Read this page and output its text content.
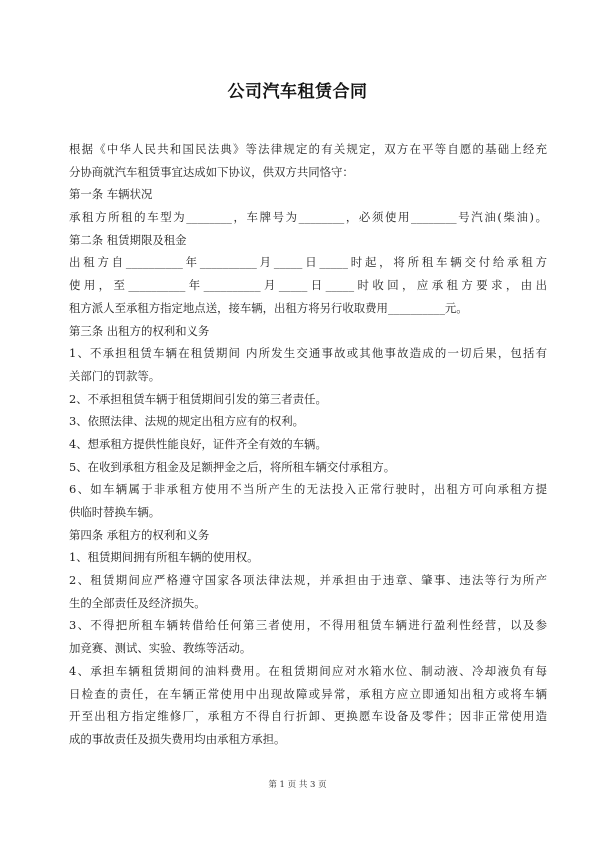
公司汽车租赁合同
根据《中华人民共和国民法典》等法律规定的有关规定，双方在平等自愿的基础上经充
分协商就汽车租赁事宜达成如下协议，供双方共同恪守：
第一条 车辆状况
承租方所租的车型为________，车牌号为________，必须使用________号汽油(柴油)。
第二条 租赁期限及租金
出租方自__________年__________月_____日_____时起，将所租车辆交付给承租方
使用，至__________年__________月_____日_____时收回，应承租方要求，由出
租方派人至承租方指定地点送，接车辆，出租方将另行收取费用__________元。
第三条 出租方的权利和义务
1、不承担租赁车辆在租赁期间 内所发生交通事故或其他事故造成的一切后果，包括有
关部门的罚款等。
2、不承担租赁车辆于租赁期间引发的第三者责任。
3、依照法律、法规的规定出租方应有的权利。
4、想承租方提供性能良好，证件齐全有效的车辆。
5、在收到承租方租金及足额押金之后，将所租车辆交付承租方。
6、如车辆属于非承租方使用不当所产生的无法投入正常行驶时，出租方可向承租方提
供临时替换车辆。
第四条 承租方的权利和义务
1、租赁期间拥有所租车辆的使用权。
2、租赁期间应严格遵守国家各项法律法规，并承担由于违章、肇事、违法等行为所产
生的全部责任及经济损失。
3、不得把所租车辆转借给任何第三者使用，不得用租赁车辆进行盈利性经营，以及参
加竞赛、测试、实验、教练等活动。
4、承担车辆租赁期间的油料费用。在租赁期间应对水箱水位、制动液、冷却液负有每
日检查的责任，在车辆正常使用中出现故障或异常，承租方应立即通知出租方或将车辆
开至出租方指定维修厂，承租方不得自行折卸、更换愿车设备及零件；因非正常使用造
成的事故责任及损失费用均由承租方承担。
第 1 页 共 3 页
